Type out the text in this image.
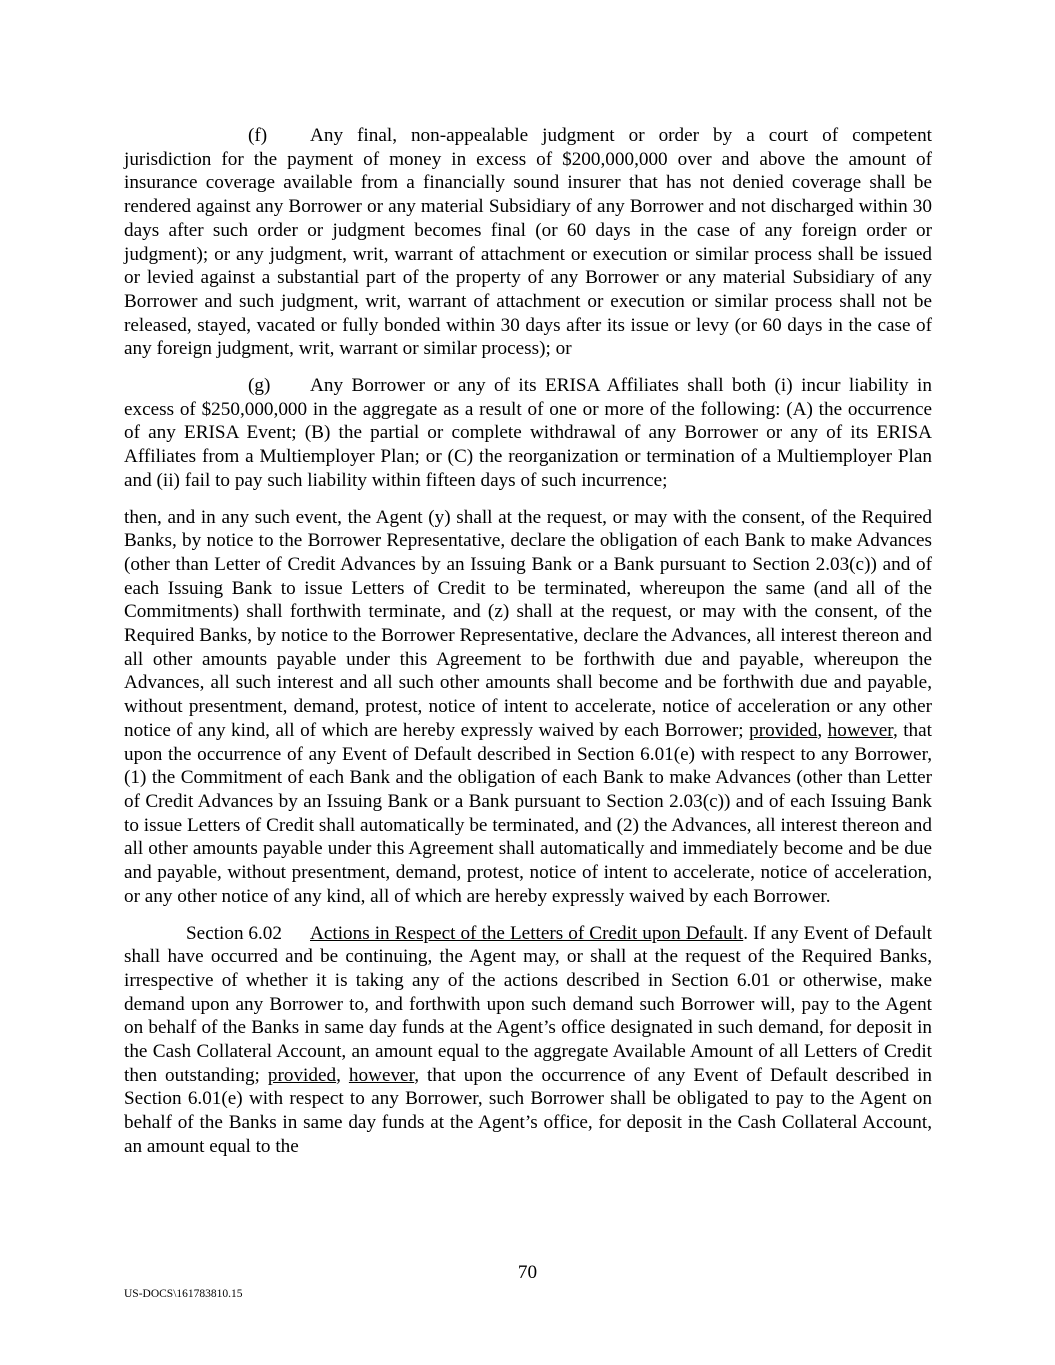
(f) Any final, non-appealable judgment or order by a court of competent jurisdiction for the payment of money in excess of $200,000,000 over and above the amount of insurance coverage available from a financially sound insurer that has not denied coverage shall be rendered against any Borrower or any material Subsidiary of any Borrower and not discharged within 30 days after such order or judgment becomes final (or 60 days in the case of any foreign order or judgment); or any judgment, writ, warrant of attachment or execution or similar process shall be issued or levied against a substantial part of the property of any Borrower or any material Subsidiary of any Borrower and such judgment, writ, warrant of attachment or execution or similar process shall not be released, stayed, vacated or fully bonded within 30 days after its issue or levy (or 60 days in the case of any foreign judgment, writ, warrant or similar process); or

(g) Any Borrower or any of its ERISA Affiliates shall both (i) incur liability in excess of $250,000,000 in the aggregate as a result of one or more of the following: (A) the occurrence of any ERISA Event; (B) the partial or complete withdrawal of any Borrower or any of its ERISA Affiliates from a Multiemployer Plan; or (C) the reorganization or termination of a Multiemployer Plan and (ii) fail to pay such liability within fifteen days of such incurrence;

then, and in any such event, the Agent (y) shall at the request, or may with the consent, of the Required Banks, by notice to the Borrower Representative, declare the obligation of each Bank to make Advances (other than Letter of Credit Advances by an Issuing Bank or a Bank pursuant to Section 2.03(c)) and of each Issuing Bank to issue Letters of Credit to be terminated, whereupon the same (and all of the Commitments) shall forthwith terminate, and (z) shall at the request, or may with the consent, of the Required Banks, by notice to the Borrower Representative, declare the Advances, all interest thereon and all other amounts payable under this Agreement to be forthwith due and payable, whereupon the Advances, all such interest and all such other amounts shall become and be forthwith due and payable, without presentment, demand, protest, notice of intent to accelerate, notice of acceleration or any other notice of any kind, all of which are hereby expressly waived by each Borrower; provided, however, that upon the occurrence of any Event of Default described in Section 6.01(e) with respect to any Borrower, (1) the Commitment of each Bank and the obligation of each Bank to make Advances (other than Letter of Credit Advances by an Issuing Bank or a Bank pursuant to Section 2.03(c)) and of each Issuing Bank to issue Letters of Credit shall automatically be terminated, and (2) the Advances, all interest thereon and all other amounts payable under this Agreement shall automatically and immediately become and be due and payable, without presentment, demand, protest, notice of intent to accelerate, notice of acceleration, or any other notice of any kind, all of which are hereby expressly waived by each Borrower.

Section 6.02 Actions in Respect of the Letters of Credit upon Default. If any Event of Default shall have occurred and be continuing, the Agent may, or shall at the request of the Required Banks, irrespective of whether it is taking any of the actions described in Section 6.01 or otherwise, make demand upon any Borrower to, and forthwith upon such demand such Borrower will, pay to the Agent on behalf of the Banks in same day funds at the Agent’s office designated in such demand, for deposit in the Cash Collateral Account, an amount equal to the aggregate Available Amount of all Letters of Credit then outstanding; provided, however, that upon the occurrence of any Event of Default described in Section 6.01(e) with respect to any Borrower, such Borrower shall be obligated to pay to the Agent on behalf of the Banks in same day funds at the Agent’s office, for deposit in the Cash Collateral Account, an amount equal to the

70
US-DOCS\161783810.15
